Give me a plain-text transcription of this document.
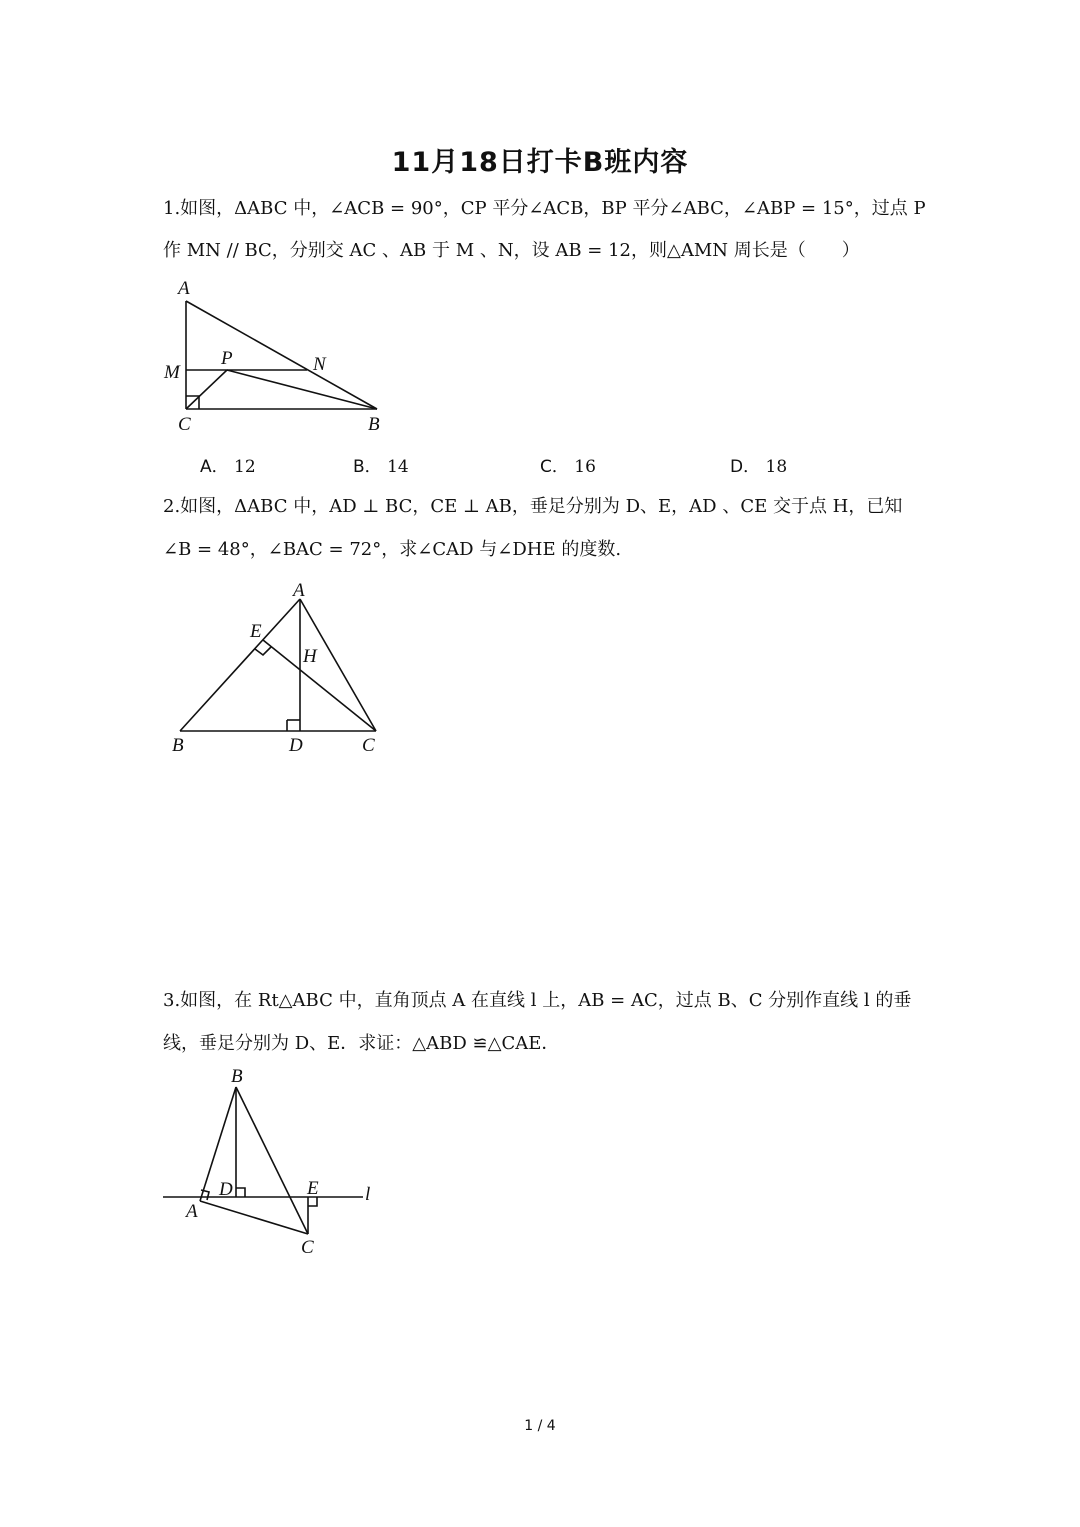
11月18日打卡B班内容
1.如图，ΔABC 中，∠ACB = 90°，CP 平分∠ACB，BP 平分∠ABC，∠ABP = 15°，过点 P
作 MN // BC，分别交 AC 、AB 于 M 、N，设 AB = 12，则△AMN 周长是（　　）
A
M
P	N
C	B
A． 12	B． 14	C． 16	D． 18
2.如图，ΔABC 中，AD ⊥ BC，CE ⊥ AB，垂足分别为 D、E，AD 、CE 交于点 H，已知
∠B = 48°，∠BAC = 72°，求∠CAD 与∠DHE 的度数.
A
E
H
B	D	C
3.如图，在 Rt△ABC 中，直角顶点 A 在直线 l 上，AB = AC，过点 B、C 分别作直线 l 的垂
线，垂足分别为 D、E．求证：△ABD ≌△CAE．
B
D	E l
A
C
1 / 4
